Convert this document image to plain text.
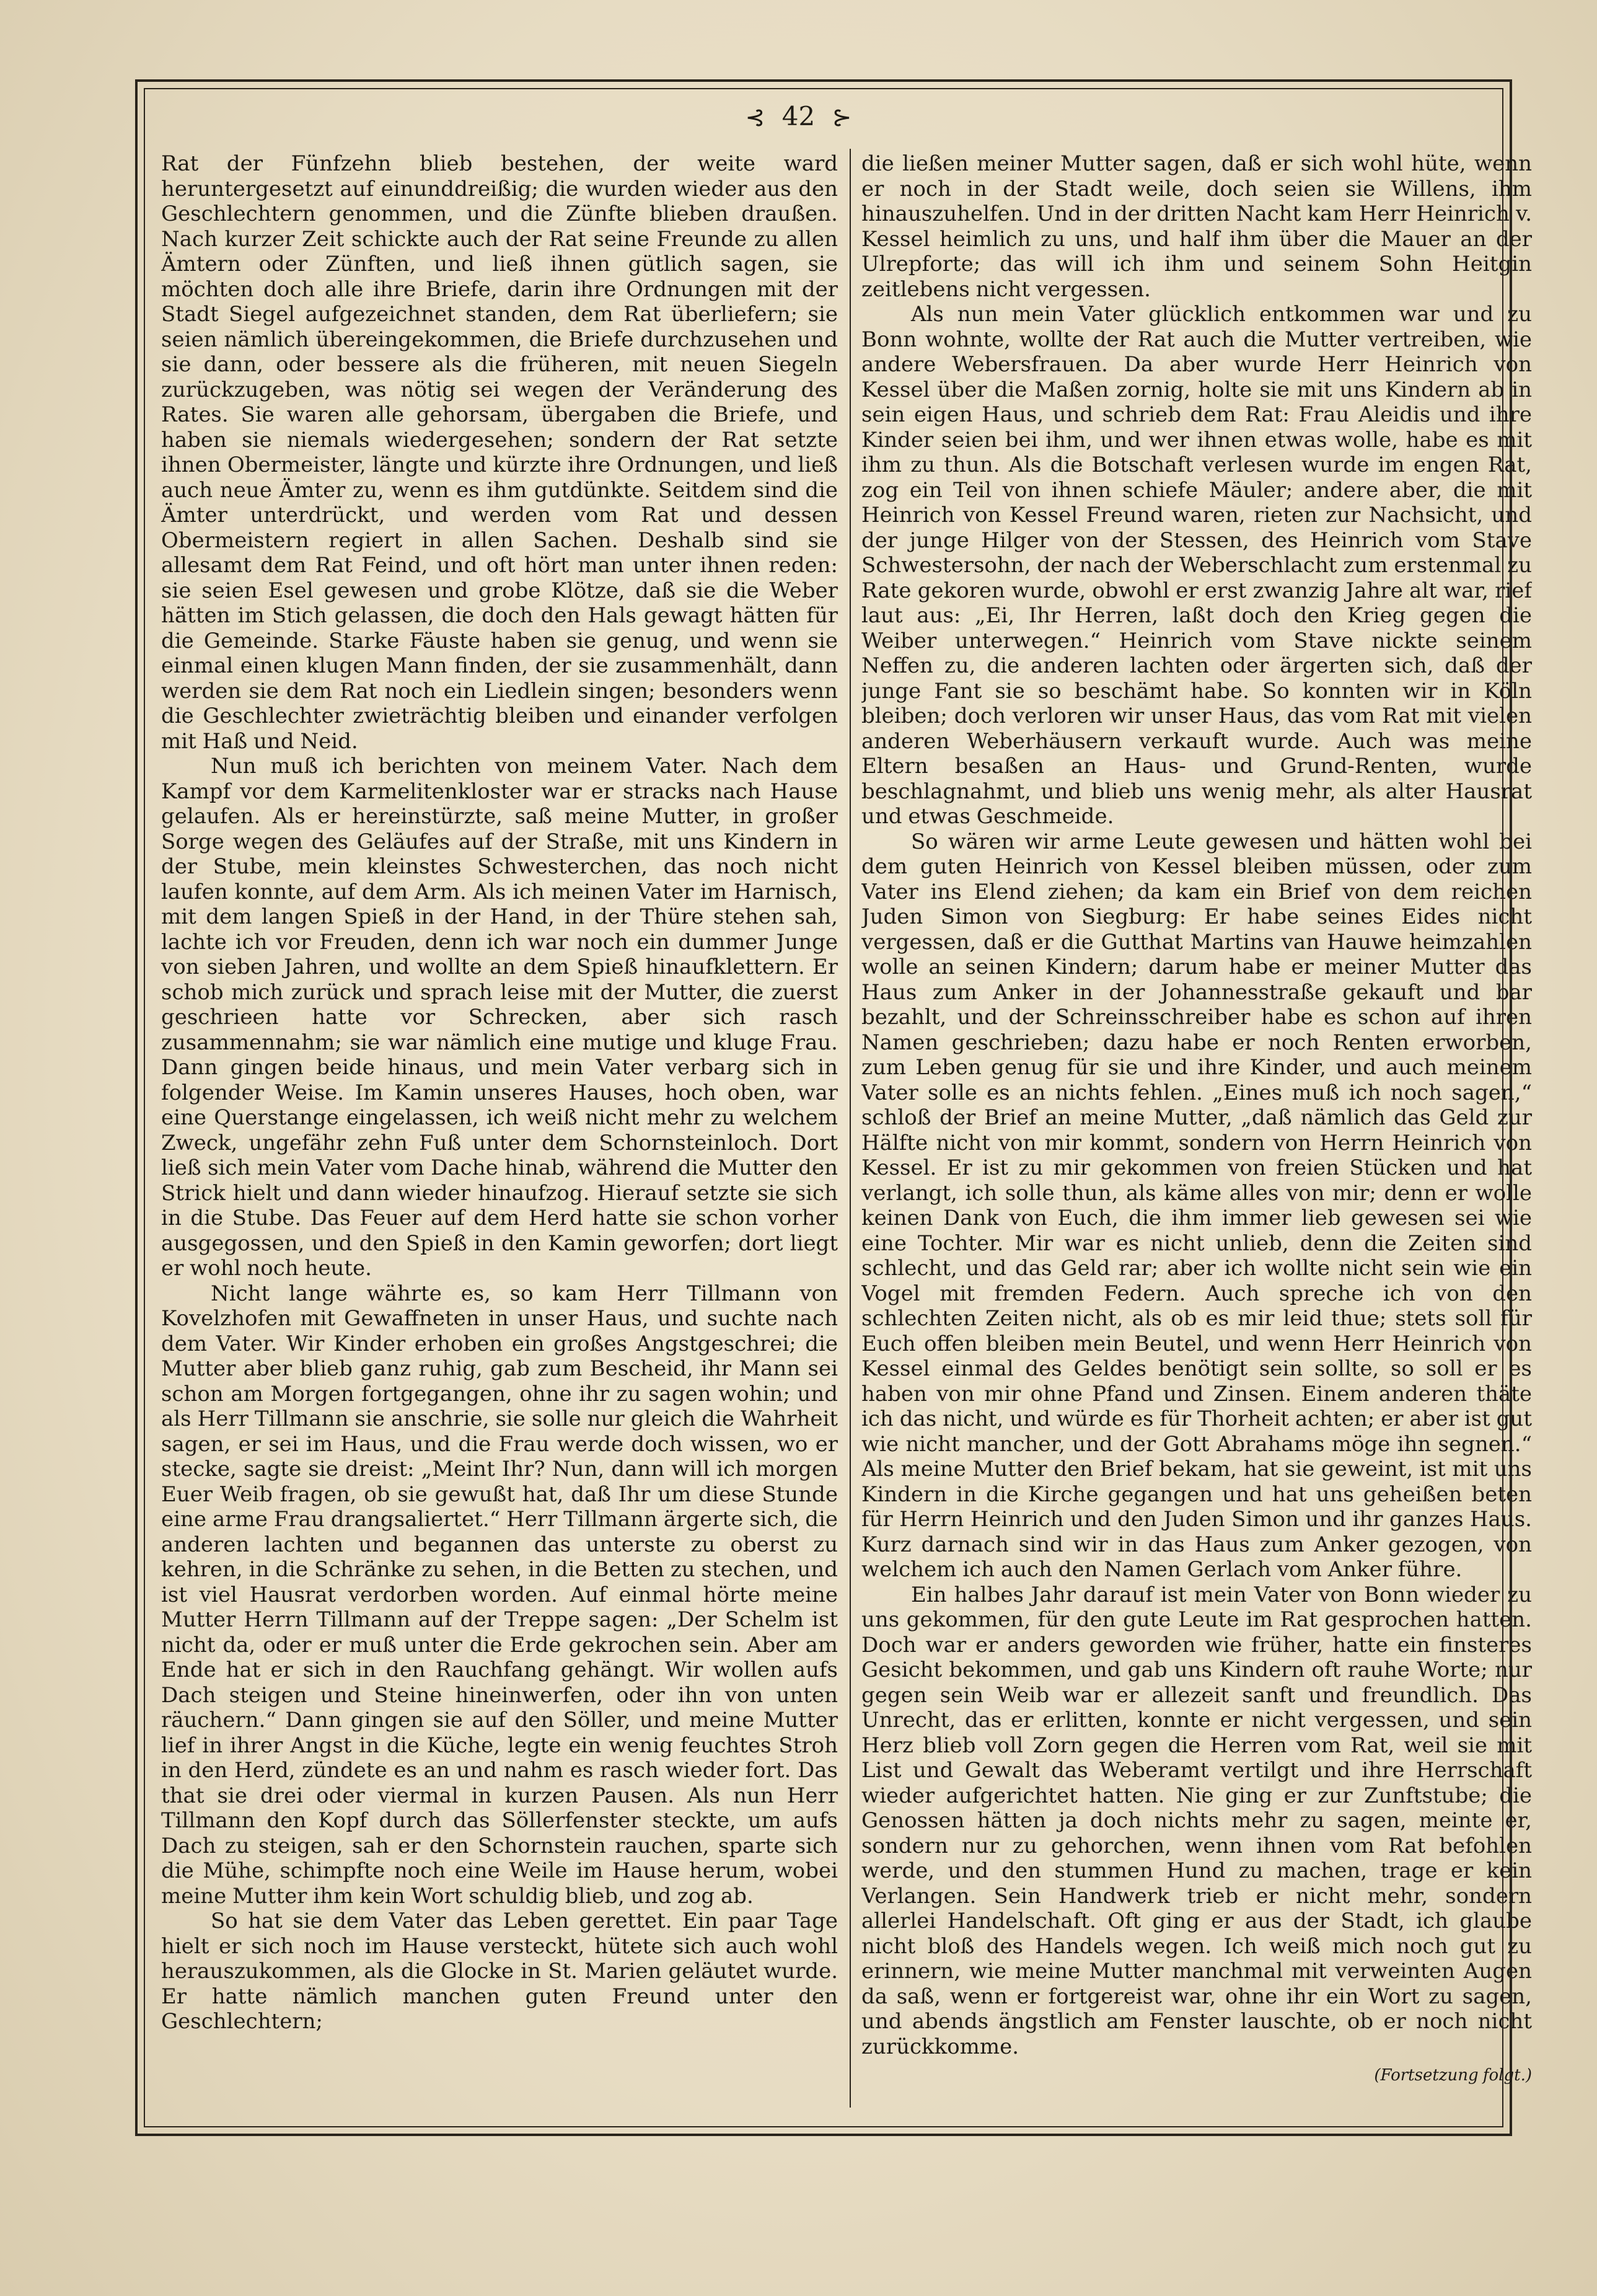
⊰ 42 ⊱

Rat der Fünfzehn blieb bestehen, der weite ward heruntergesetzt auf einunddreißig; die wurden wieder aus den Geschlechtern genommen, und die Zünfte blieben draußen. Nach kurzer Zeit schickte auch der Rat seine Freunde zu allen Ämtern oder Zünften, und ließ ihnen gütlich sagen, sie möchten doch alle ihre Briefe, darin ihre Ordnungen mit der Stadt Siegel aufgezeichnet standen, dem Rat überliefern; sie seien nämlich übereingekommen, die Briefe durchzusehen und sie dann, oder bessere als die früheren, mit neuen Siegeln zurückzugeben, was nötig sei wegen der Veränderung des Rates. Sie waren alle gehorsam, übergaben die Briefe, und haben sie niemals wiedergesehen; sondern der Rat setzte ihnen Obermeister, längte und kürzte ihre Ordnungen, und ließ auch neue Ämter zu, wenn es ihm gutdünkte. Seitdem sind die Ämter unterdrückt, und werden vom Rat und dessen Obermeistern regiert in allen Sachen. Deshalb sind sie allesamt dem Rat Feind, und oft hört man unter ihnen reden: sie seien Esel gewesen und grobe Klötze, daß sie die Weber hätten im Stich gelassen, die doch den Hals gewagt hätten für die Gemeinde. Starke Fäuste haben sie genug, und wenn sie einmal einen klugen Mann finden, der sie zusammenhält, dann werden sie dem Rat noch ein Liedlein singen; besonders wenn die Geschlechter zwieträchtig bleiben und einander verfolgen mit Haß und Neid.

Nun muß ich berichten von meinem Vater. Nach dem Kampf vor dem Karmelitenkloster war er stracks nach Hause gelaufen. Als er hereinstürzte, saß meine Mutter, in großer Sorge wegen des Geläufes auf der Straße, mit uns Kindern in der Stube, mein kleinstes Schwesterchen, das noch nicht laufen konnte, auf dem Arm. Als ich meinen Vater im Harnisch, mit dem langen Spieß in der Hand, in der Thüre stehen sah, lachte ich vor Freuden, denn ich war noch ein dummer Junge von sieben Jahren, und wollte an dem Spieß hinaufklettern. Er schob mich zurück und sprach leise mit der Mutter, die zuerst geschrieen hatte vor Schrecken, aber sich rasch zusammennahm; sie war nämlich eine mutige und kluge Frau. Dann gingen beide hinaus, und mein Vater verbarg sich in folgender Weise. Im Kamin unseres Hauses, hoch oben, war eine Querstange eingelassen, ich weiß nicht mehr zu welchem Zweck, ungefähr zehn Fuß unter dem Schornsteinloch. Dort ließ sich mein Vater vom Dache hinab, während die Mutter den Strick hielt und dann wieder hinaufzog. Hierauf setzte sie sich in die Stube. Das Feuer auf dem Herd hatte sie schon vorher ausgegossen, und den Spieß in den Kamin geworfen; dort liegt er wohl noch heute.

Nicht lange währte es, so kam Herr Tillmann von Kovelzhofen mit Gewaffneten in unser Haus, und suchte nach dem Vater. Wir Kinder erhoben ein großes Angstgeschrei; die Mutter aber blieb ganz ruhig, gab zum Bescheid, ihr Mann sei schon am Morgen fortgegangen, ohne ihr zu sagen wohin; und als Herr Tillmann sie anschrie, sie solle nur gleich die Wahrheit sagen, er sei im Haus, und die Frau werde doch wissen, wo er stecke, sagte sie dreist: „Meint Ihr? Nun, dann will ich morgen Euer Weib fragen, ob sie gewußt hat, daß Ihr um diese Stunde eine arme Frau drangsaliertet.“ Herr Tillmann ärgerte sich, die anderen lachten und begannen das unterste zu oberst zu kehren, in die Schränke zu sehen, in die Betten zu stechen, und ist viel Hausrat verdorben worden. Auf einmal hörte meine Mutter Herrn Tillmann auf der Treppe sagen: „Der Schelm ist nicht da, oder er muß unter die Erde gekrochen sein. Aber am Ende hat er sich in den Rauchfang gehängt. Wir wollen aufs Dach steigen und Steine hineinwerfen, oder ihn von unten räuchern.“ Dann gingen sie auf den Söller, und meine Mutter lief in ihrer Angst in die Küche, legte ein wenig feuchtes Stroh in den Herd, zündete es an und nahm es rasch wieder fort. Das that sie drei oder viermal in kurzen Pausen. Als nun Herr Tillmann den Kopf durch das Söllerfenster steckte, um aufs Dach zu steigen, sah er den Schornstein rauchen, sparte sich die Mühe, schimpfte noch eine Weile im Hause herum, wobei meine Mutter ihm kein Wort schuldig blieb, und zog ab.

So hat sie dem Vater das Leben gerettet. Ein paar Tage hielt er sich noch im Hause versteckt, hütete sich auch wohl herauszukommen, als die Glocke in St. Marien geläutet wurde. Er hatte nämlich manchen guten Freund unter den Geschlechtern;

die ließen meiner Mutter sagen, daß er sich wohl hüte, wenn er noch in der Stadt weile, doch seien sie Willens, ihm hinauszuhelfen. Und in der dritten Nacht kam Herr Heinrich v. Kessel heimlich zu uns, und half ihm über die Mauer an der Ulrepforte; das will ich ihm und seinem Sohn Heitgin zeitlebens nicht vergessen.

Als nun mein Vater glücklich entkommen war und zu Bonn wohnte, wollte der Rat auch die Mutter vertreiben, wie andere Webersfrauen. Da aber wurde Herr Heinrich von Kessel über die Maßen zornig, holte sie mit uns Kindern ab in sein eigen Haus, und schrieb dem Rat: Frau Aleidis und ihre Kinder seien bei ihm, und wer ihnen etwas wolle, habe es mit ihm zu thun. Als die Botschaft verlesen wurde im engen Rat, zog ein Teil von ihnen schiefe Mäuler; andere aber, die mit Heinrich von Kessel Freund waren, rieten zur Nachsicht, und der junge Hilger von der Stessen, des Heinrich vom Stave Schwestersohn, der nach der Weberschlacht zum erstenmal zu Rate gekoren wurde, obwohl er erst zwanzig Jahre alt war, rief laut aus: „Ei, Ihr Herren, laßt doch den Krieg gegen die Weiber unterwegen.“ Heinrich vom Stave nickte seinem Neffen zu, die anderen lachten oder ärgerten sich, daß der junge Fant sie so beschämt habe. So konnten wir in Köln bleiben; doch verloren wir unser Haus, das vom Rat mit vielen anderen Weberhäusern verkauft wurde. Auch was meine Eltern besaßen an Haus- und Grund-Renten, wurde beschlagnahmt, und blieb uns wenig mehr, als alter Hausrat und etwas Geschmeide.

So wären wir arme Leute gewesen und hätten wohl bei dem guten Heinrich von Kessel bleiben müssen, oder zum Vater ins Elend ziehen; da kam ein Brief von dem reichen Juden Simon von Siegburg: Er habe seines Eides nicht vergessen, daß er die Gutthat Martins van Hauwe heimzahlen wolle an seinen Kindern; darum habe er meiner Mutter das Haus zum Anker in der Johannesstraße gekauft und bar bezahlt, und der Schreinsschreiber habe es schon auf ihren Namen geschrieben; dazu habe er noch Renten erworben, zum Leben genug für sie und ihre Kinder, und auch meinem Vater solle es an nichts fehlen. „Eines muß ich noch sagen,“ schloß der Brief an meine Mutter, „daß nämlich das Geld zur Hälfte nicht von mir kommt, sondern von Herrn Heinrich von Kessel. Er ist zu mir gekommen von freien Stücken und hat verlangt, ich solle thun, als käme alles von mir; denn er wolle keinen Dank von Euch, die ihm immer lieb gewesen sei wie eine Tochter. Mir war es nicht unlieb, denn die Zeiten sind schlecht, und das Geld rar; aber ich wollte nicht sein wie ein Vogel mit fremden Federn. Auch spreche ich von den schlechten Zeiten nicht, als ob es mir leid thue; stets soll für Euch offen bleiben mein Beutel, und wenn Herr Heinrich von Kessel einmal des Geldes benötigt sein sollte, so soll er es haben von mir ohne Pfand und Zinsen. Einem anderen thäte ich das nicht, und würde es für Thorheit achten; er aber ist gut wie nicht mancher, und der Gott Abrahams möge ihn segnen.“ Als meine Mutter den Brief bekam, hat sie geweint, ist mit uns Kindern in die Kirche gegangen und hat uns geheißen beten für Herrn Heinrich und den Juden Simon und ihr ganzes Haus. Kurz darnach sind wir in das Haus zum Anker gezogen, von welchem ich auch den Namen Gerlach vom Anker führe.

Ein halbes Jahr darauf ist mein Vater von Bonn wieder zu uns gekommen, für den gute Leute im Rat gesprochen hatten. Doch war er anders geworden wie früher, hatte ein finsteres Gesicht bekommen, und gab uns Kindern oft rauhe Worte; nur gegen sein Weib war er allezeit sanft und freundlich. Das Unrecht, das er erlitten, konnte er nicht vergessen, und sein Herz blieb voll Zorn gegen die Herren vom Rat, weil sie mit List und Gewalt das Weberamt vertilgt und ihre Herrschaft wieder aufgerichtet hatten. Nie ging er zur Zunftstube; die Genossen hätten ja doch nichts mehr zu sagen, meinte er, sondern nur zu gehorchen, wenn ihnen vom Rat befohlen werde, und den stummen Hund zu machen, trage er kein Verlangen. Sein Handwerk trieb er nicht mehr, sondern allerlei Handelschaft. Oft ging er aus der Stadt, ich glaube nicht bloß des Handels wegen. Ich weiß mich noch gut zu erinnern, wie meine Mutter manchmal mit verweinten Augen da saß, wenn er fortgereist war, ohne ihr ein Wort zu sagen, und abends ängstlich am Fenster lauschte, ob er noch nicht zurückkomme.

(Fortsetzung folgt.)
